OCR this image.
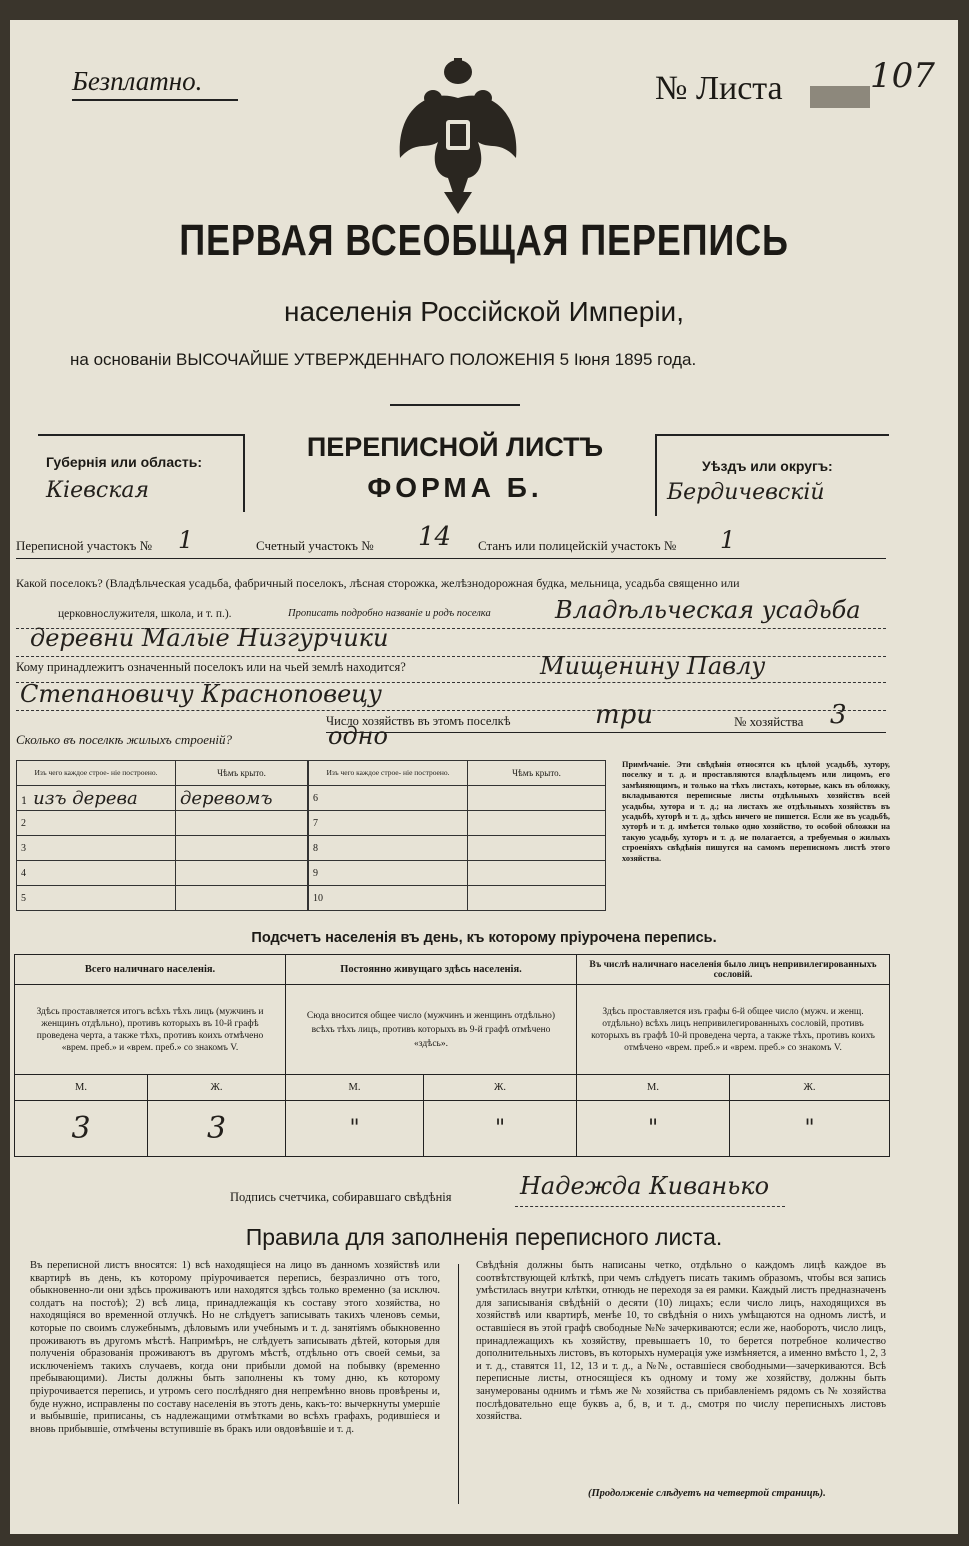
Безплатно.	№ Листа	107
ПЕРВАЯ ВСЕОБЩАЯ ПЕРЕПИСЬ
населенія Россійской Имперіи,
на основаніи ВЫСОЧАЙШЕ УТВЕРЖДЕННАГО ПОЛОЖЕНІЯ 5 Іюня 1895 года.
Губернія или область:
Кіевская
Уѣздъ или округъ:
Бердичевскій
ПЕРЕПИСНОЙ ЛИСТЪ
ФОРМА Б.
Переписной участокъ № 1	Счетный участокъ № 14 Станъ или полицейскій участокъ № 1
Какой поселокъ? (Владѣльческая усадьба, фабричный поселокъ, лѣсная сторожка, желѣзнодорожная будка, мельница, усадьба священно или
церковнослужителя, школа, и т. п.).	Прописать подробно названіе и родъ поселка	Владѣльческая усадьба
деревни Малые Низгурчики
Кому принадлежитъ означенный поселокъ или на чьей землѣ находится?	Мищенину Павлу
Степановичу Красноповецу
Число хозяйствъ въ этомъ поселкѣ	три	№ хозяйства 3
Сколько въ поселкѣ жилыхъ строеній?	одно
Изъ чего каждое строе- ніе построено.	Чѣмъ крыто.
1 изъ дерева	деревомъ
2	
3	
4	
5	
Изъ чего каждое строе- ніе построено.	Чѣмъ крыто.
6	
7	
8	
9	
10	
Примѣчаніе. Эти свѣдѣнія относятся къ цѣлой усадьбѣ, хутору, поселку и т. д. и проставляются владѣльцемъ или лицомъ, его замѣняющимъ, и только на тѣхъ листахъ, которые, какъ въ обложку, вкладываются переписные листы отдѣльныхъ хозяйствъ всей усадьбы, хутора и т. д.; на листахъ же отдѣльныхъ хозяйствъ въ усадьбѣ, хуторѣ и т. д., здѣсь ничего не пишется. Если же въ усадьбѣ, хуторѣ и т. д. имѣется только одно хозяйство, то особой обложки на такую усадьбу, хуторъ и т. д. не полагается, а требуемыя о жилыхъ строеніяхъ свѣдѣнія пишутся на самомъ переписномъ листѣ этого хозяйства.
Подсчетъ населенія въ день, къ которому пріурочена перепись.
Всего наличнаго населенія.		Постоянно живущаго здѣсь населенія.		Въ числѣ наличнаго населенія было лицъ непривилегированныхъ сословій.	
Здѣсь проставляется итогъ всѣхъ тѣхъ лицъ (мужчинъ и женщинъ отдѣльно), противъ которыхъ въ 10-й графѣ проведена черта, а также тѣхъ, противъ коихъ отмѣчено «врем. преб.» и «врем. преб.» со знакомъ V.		Сюда вносится общее число (мужчинъ и женщинъ отдѣльно) всѣхъ тѣхъ лицъ, противъ которыхъ въ 9-й графѣ отмѣчено «здѣсь».		Здѣсь проставляется изъ графы 6-й общее число (мужч. и женщ. отдѣльно) всѣхъ лицъ непривилегированныхъ сословій, противъ которыхъ въ графѣ 10-й проведена черта, а также тѣхъ, противъ коихъ отмѣчено «врем. преб.» и «врем. преб.» со знакомъ V.	
М.	Ж.	М.	Ж.	М.	Ж.
3	3	"	"	"	"
Подпись счетчика, собиравшаго свѣдѣнія	Надежда Киванько
Правила для заполненія переписного листа.
Въ переписной листъ вносятся: 1) всѣ находящіеся на лицо въ данномъ хозяйствѣ или квартирѣ въ день, къ которому пріурочивается перепись, безразлично отъ того, обыкновенно-ли они здѣсь проживаютъ или находятся здѣсь только временно (за исключ. солдатъ на постоѣ); 2) всѣ лица, принадлежащія къ составу этого хозяйства, но находящіяся во временной отлучкѣ. Но не слѣдуетъ записывать такихъ членовъ семьи, которые по своимъ служебнымъ, дѣловымъ или учебнымъ и т. д. занятіямъ обыкновенно проживаютъ въ другомъ мѣстѣ. Напримѣръ, не слѣдуетъ записывать дѣтей, которыя для полученія образованія проживаютъ въ другомъ мѣстѣ, отдѣльно отъ своей семьи, за исключеніемъ такихъ случаевъ, когда они прибыли домой на побывку (временно пребывающими). Листы должны быть заполнены къ тому дню, къ которому пріурочивается перепись, и утромъ сего послѣдняго дня непремѣнно вновь провѣрены и, буде нужно, исправлены по составу населенія въ этотъ день, какъ-то: вычеркнуты умершіе и выбывшіе, приписаны, съ надлежащими отмѣтками во всѣхъ графахъ, родившіеся и вновь прибывшіе, отмѣчены вступившіе въ бракъ или овдовѣвшіе и т. д.
Свѣдѣнія должны быть написаны четко, отдѣльно о каждомъ лицѣ каждое въ соотвѣтствующей клѣткѣ, при чемъ слѣдуетъ писать такимъ образомъ, чтобы вся запись умѣстилась внутри клѣтки, отнюдь не переходя за ея рамки. Каждый листъ предназначенъ для записыванія свѣдѣній о десяти (10) лицахъ; если число лицъ, находящихся въ хозяйствѣ или квартирѣ, менѣе 10, то свѣдѣнія о нихъ умѣщаются на одномъ листѣ, и оставшіеся въ этой графѣ свободные №№ зачеркиваются; если же, наоборотъ, число лицъ, принадлежащихъ къ хозяйству, превышаетъ 10, то берется потребное количество дополнительныхъ листовъ, въ которыхъ нумерація уже измѣняется, а именно вмѣсто 1, 2, 3 и т. д., ставятся 11, 12, 13 и т. д., а №№, оставшіеся свободными—зачеркиваются. Всѣ переписные листы, относящіеся къ одному и тому же хозяйству, должны быть занумерованы однимъ и тѣмъ же № хозяйства съ прибавленіемъ рядомъ съ № хозяйства послѣдовательно еще буквъ а, б, в, и т. д., смотря по числу переписныхъ листовъ хозяйства.
(Продолженіе слѣдуетъ на четвертой страницѣ).
